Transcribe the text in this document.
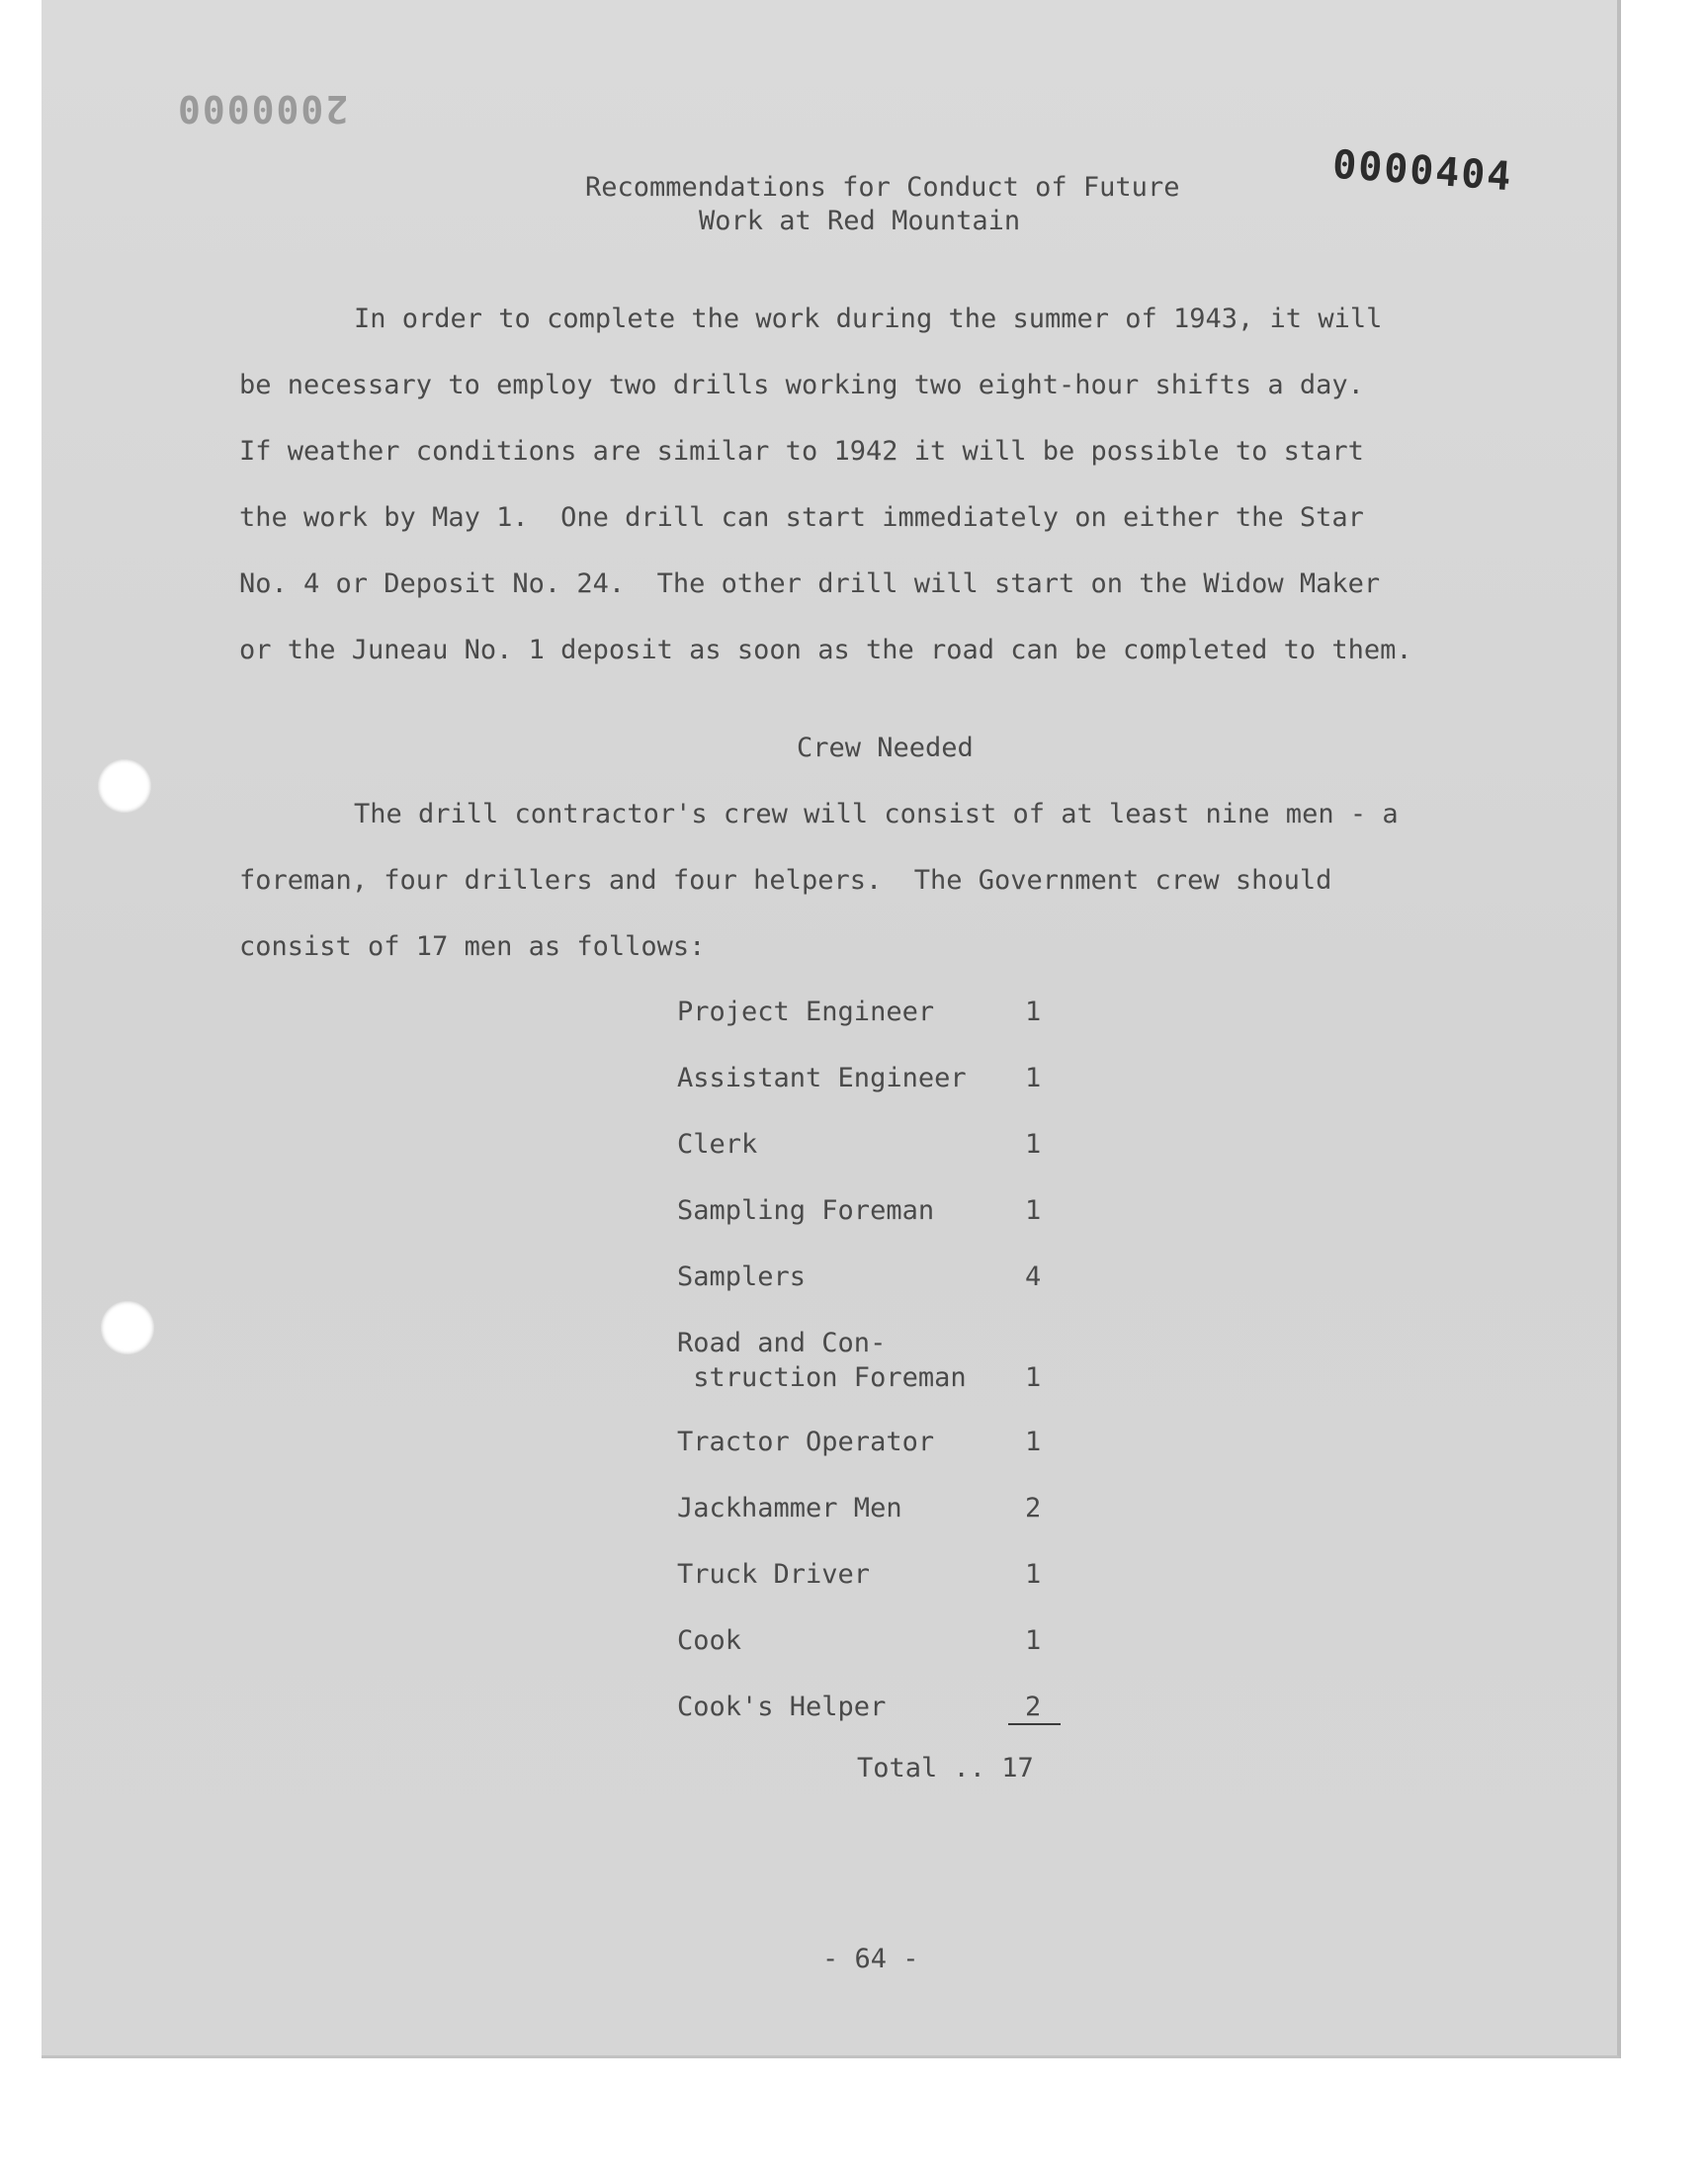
2000000
0000404
Recommendations for Conduct of Future
Work at Red Mountain
In order to complete the work during the summer of 1943, it will
be necessary to employ two drills working two eight-hour shifts a day.
If weather conditions are similar to 1942 it will be possible to start
the work by May 1.  One drill can start immediately on either the Star
No. 4 or Deposit No. 24.  The other drill will start on the Widow Maker
or the Juneau No. 1 deposit as soon as the road can be completed to them.
Crew Needed
The drill contractor's crew will consist of at least nine men - a
foreman, four drillers and four helpers.  The Government crew should
consist of 17 men as follows:
Project Engineer	1
Assistant Engineer 1
Clerk	1
Sampling Foreman	1
Samplers	4
Road and Con-
struction Foreman 1
Tractor Operator	1
Jackhammer Men	2
Truck Driver	1
Cook	1
Cook's Helper	2
Total .. 17
- 64 -
